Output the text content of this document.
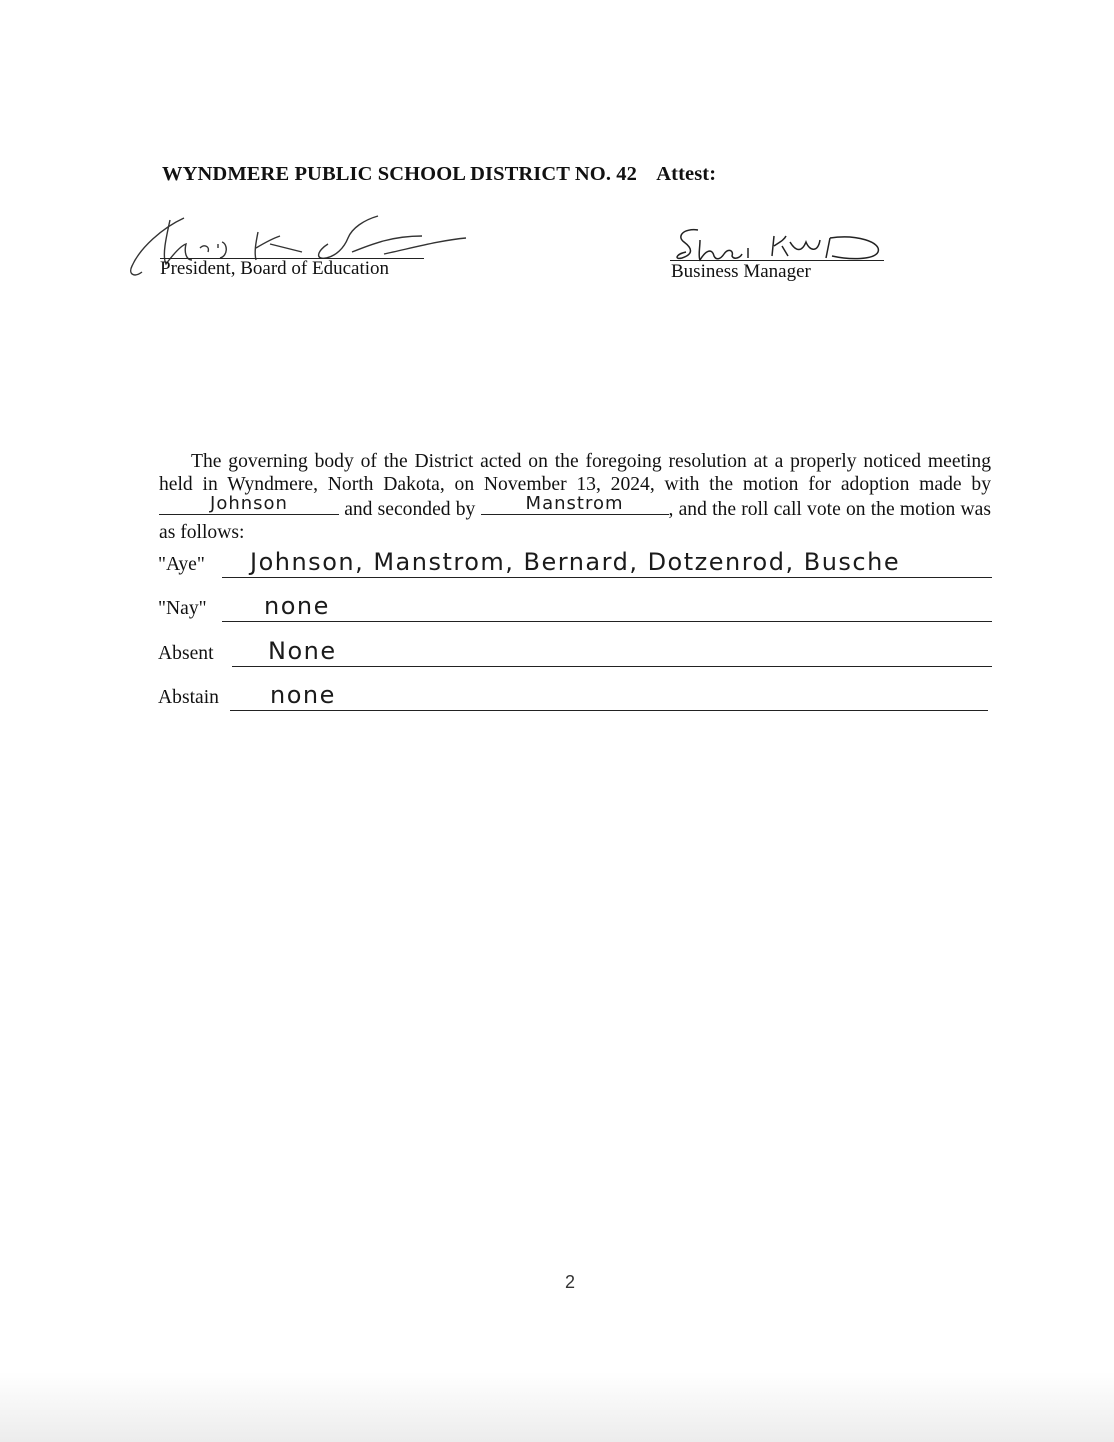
WYNDMERE PUBLIC SCHOOL DISTRICT NO. 42 Attest:
President, Board of Education	Business Manager

The governing body of the District acted on the foregoing resolution at a properly noticed meeting held in Wyndmere, North Dakota, on November 13, 2024, with the motion for adoption made by
Johnson	and seconded by	Manstrom	, and the roll call vote on the motion was as follows:

"Aye" Johnson, Manstrom, Bernard, Dotzenrod, Busche
"Nay" none
Absent None
Abstain none
2
